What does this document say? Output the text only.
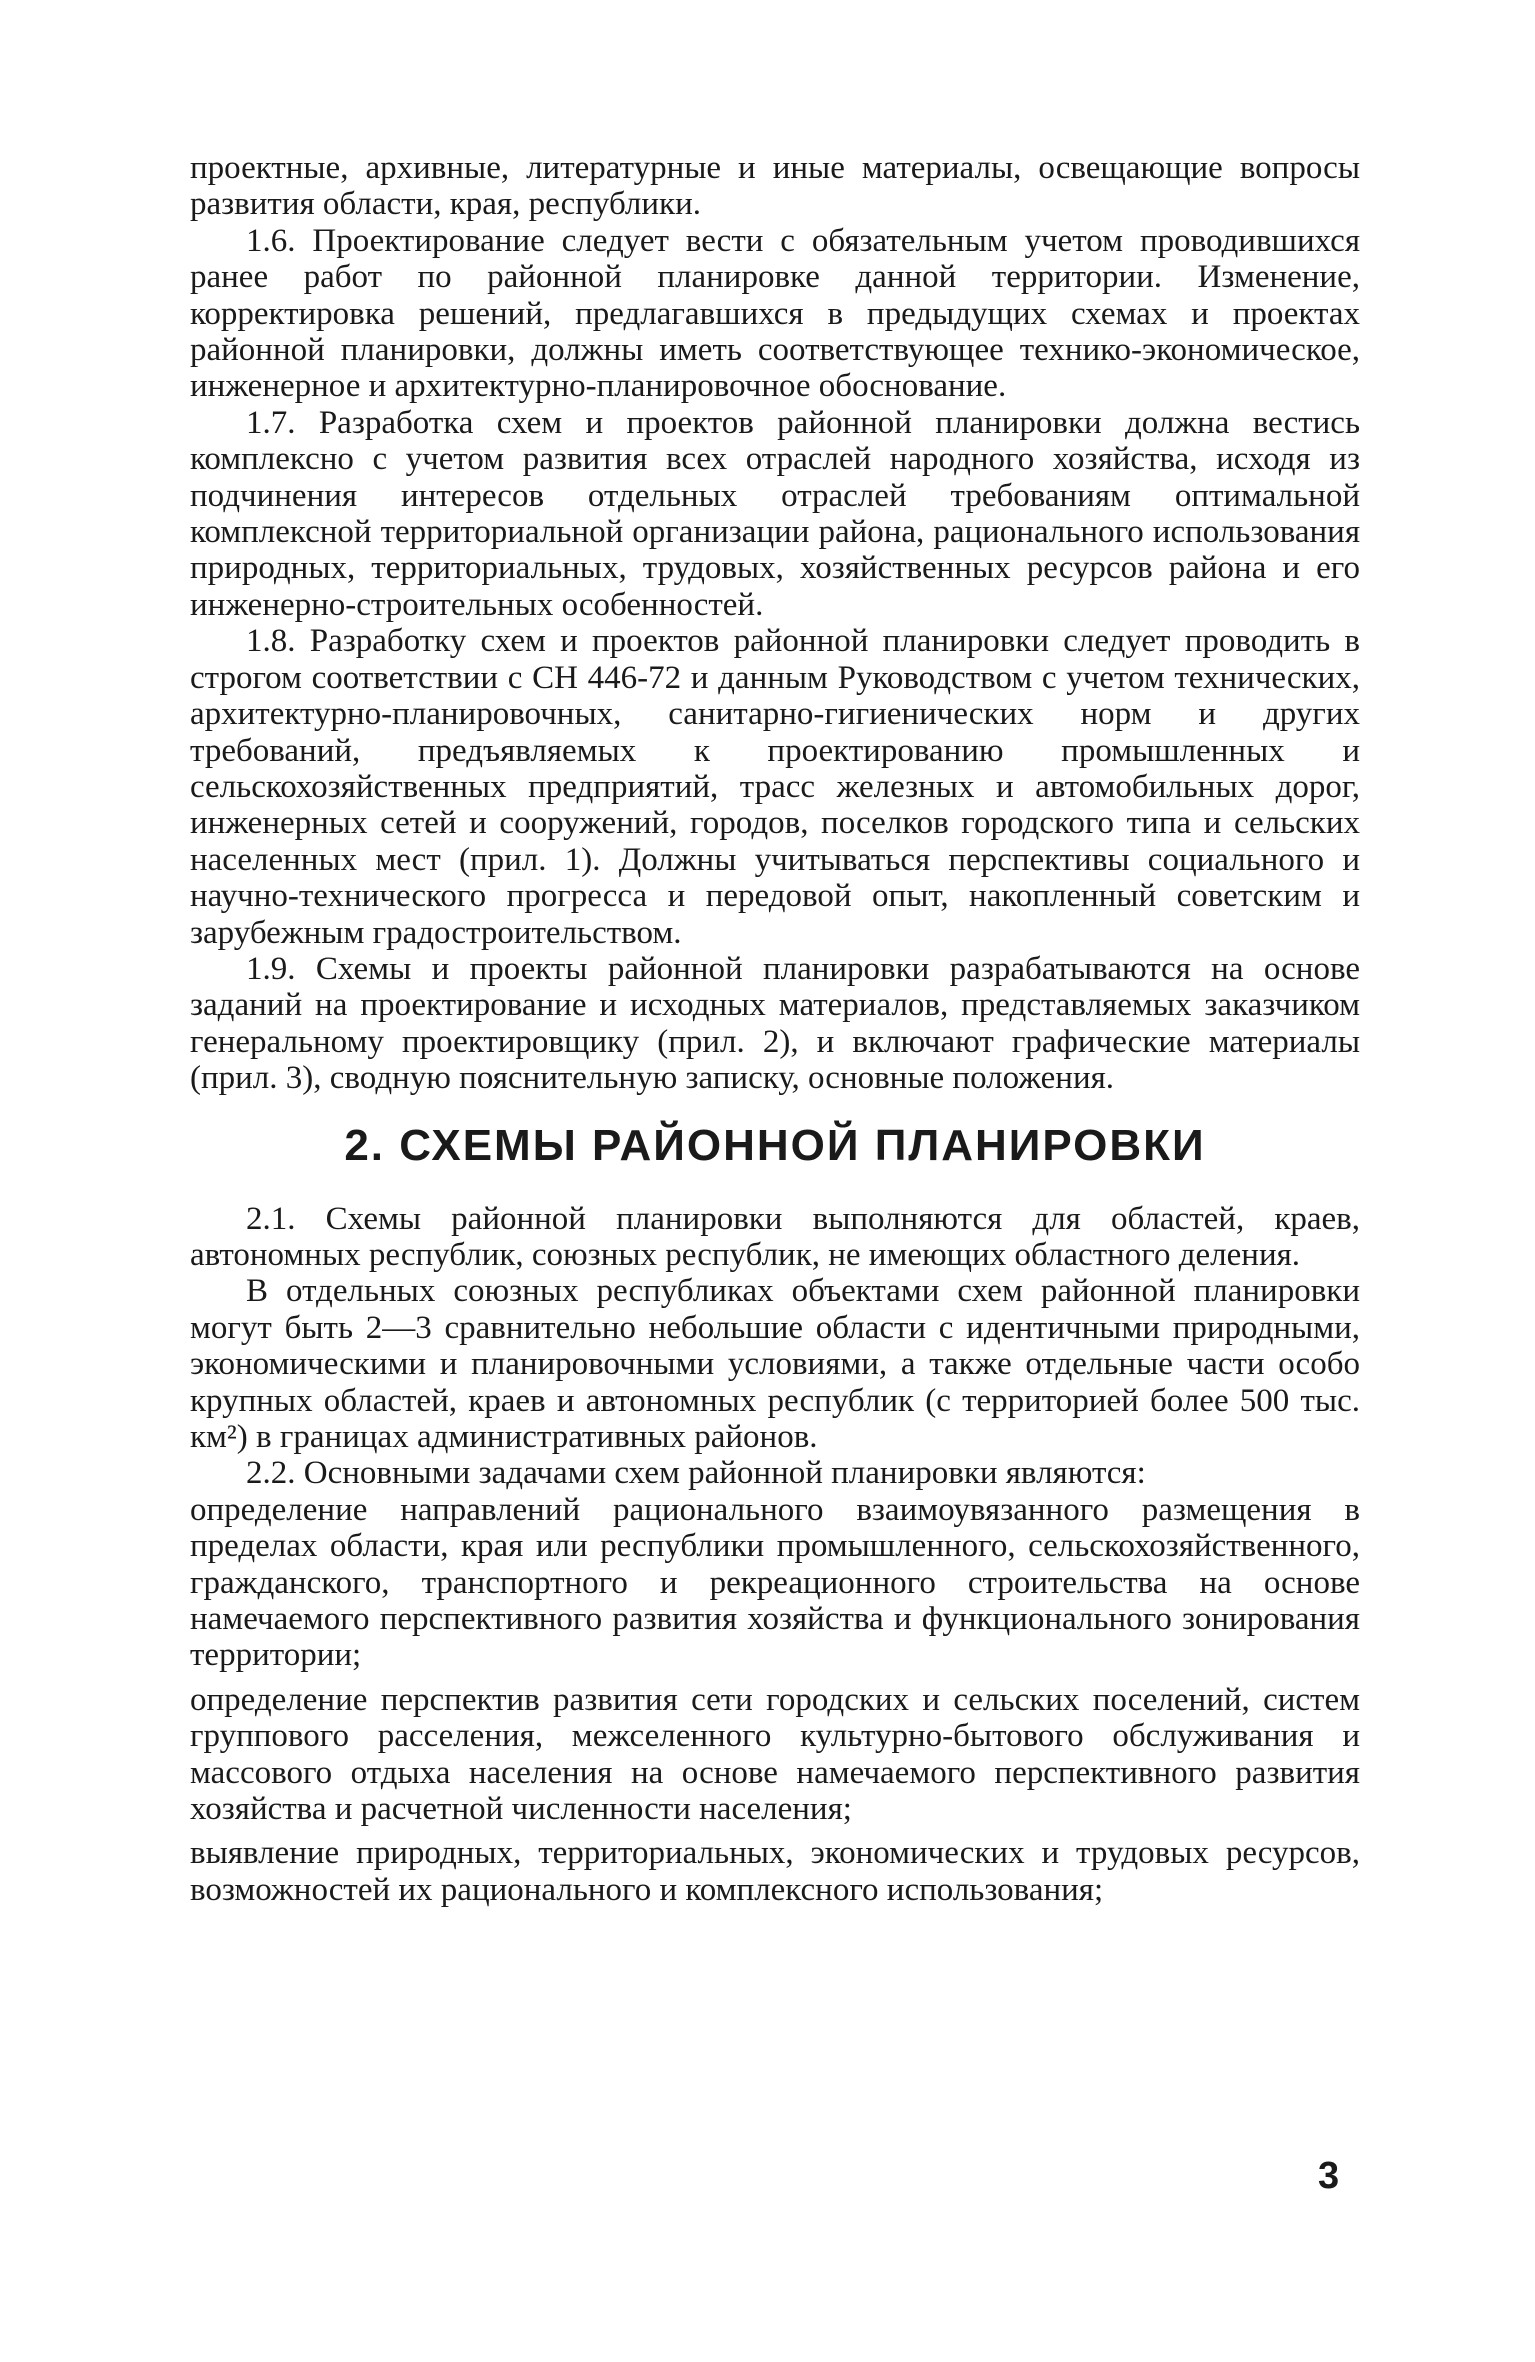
проектные, архивные, литературные и иные материалы, освещающие вопросы развития области, края, республики.

1.6. Проектирование следует вести с обязательным учетом проводившихся ранее работ по районной планировке данной территории. Изменение, корректировка решений, предлагавшихся в предыдущих схемах и проектах районной планировки, должны иметь соответствующее технико-экономическое, инженерное и архитектурно-планировочное обоснование.

1.7. Разработка схем и проектов районной планировки должна вестись комплексно с учетом развития всех отраслей народного хозяйства, исходя из подчинения интересов отдельных отраслей требованиям оптимальной комплексной территориальной организации района, рационального использования природных, территориальных, трудовых, хозяйственных ресурсов района и его инженерно-строительных особенностей.

1.8. Разработку схем и проектов районной планировки следует проводить в строгом соответствии с СН 446-72 и данным Руководством с учетом технических, архитектурно-планировочных, санитарно-гигиенических норм и других требований, предъявляемых к проектированию промышленных и сельскохозяйственных предприятий, трасс железных и автомобильных дорог, инженерных сетей и сооружений, городов, поселков городского типа и сельских населенных мест (прил. 1). Должны учитываться перспективы социального и научно-технического прогресса и передовой опыт, накопленный советским и зарубежным градостроительством.

1.9. Схемы и проекты районной планировки разрабатываются на основе заданий на проектирование и исходных материалов, представляемых заказчиком генеральному проектировщику (прил. 2), и включают графические материалы (прил. 3), сводную пояснительную записку, основные положения.

2. СХЕМЫ РАЙОННОЙ ПЛАНИРОВКИ

2.1. Схемы районной планировки выполняются для областей, краев, автономных республик, союзных республик, не имеющих областного деления.

В отдельных союзных республиках объектами схем районной планировки могут быть 2—3 сравнительно небольшие области с идентичными природными, экономическими и планировочными условиями, а также отдельные части особо крупных областей, краев и автономных республик (с территорией более 500 тыс. км²) в границах административных районов.

2.2. Основными задачами схем районной планировки являются:

определение направлений рационального взаимоувязанного размещения в пределах области, края или республики промышленного, сельскохозяйственного, гражданского, транспортного и рекреационного строительства на основе намечаемого перспективного развития хозяйства и функционального зонирования территории;

определение перспектив развития сети городских и сельских поселений, систем группового расселения, межселенного культурно-бытового обслуживания и массового отдыха населения на основе намечаемого перспективного развития хозяйства и расчетной численности населения;

выявление природных, территориальных, экономических и трудовых ресурсов, возможностей их рационального и комплексного использования;

3
